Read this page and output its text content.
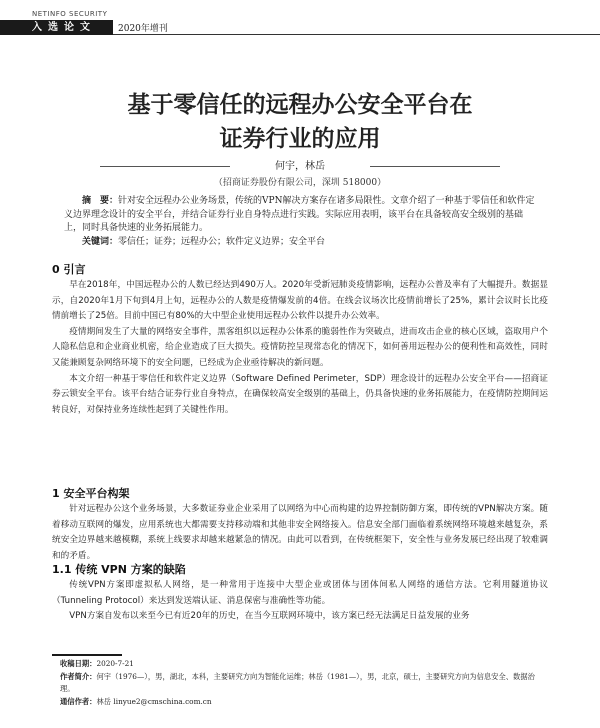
NETINFO SECURITY
入选论文	2020年增刊
基于零信任的远程办公安全平台在
证券行业的应用
何宇，林岳
（招商证券股份有限公司，深圳 518000）
摘　要：针对安全远程办公业务场景，传统的VPN解决方案存在诸多局限性。文章介绍了一种基于零信任和软件定义边界理念设计的安全平台，并结合证券行业自身特点进行实践。实际应用表明，该平台在具备较高安全级别的基础上，同时具备快速的业务拓展能力。
关键词：零信任；证券；远程办公；软件定义边界；安全平台

0 引言

早在2018年，中国远程办公的人数已经达到490万人。2020年受新冠肺炎疫情影响，远程办公普及率有了大幅提升。数据显示，自2020年1月下旬到4月上旬，远程办公的人数是疫情爆发前的4倍。在线会议场次比疫情前增长了25%，累计会议时长比疫情前增长了25倍。目前中国已有80%的大中型企业使用远程办公软件以提升办公效率。

疫情期间发生了大量的网络安全事件，黑客组织以远程办公体系的脆弱性作为突破点，进而攻击企业的核心区域，盗取用户个人隐私信息和企业商业机密，给企业造成了巨大损失。疫情防控呈现常态化的情况下，如何善用远程办公的便利性和高效性，同时又能兼顾复杂网络环境下的安全问题，已经成为企业亟待解决的新问题。

本文介绍一种基于零信任和软件定义边界（Software Defined Perimeter，SDP）理念设计的远程办公安全平台——招商证券云锁安全平台。该平台结合证券行业自身特点，在确保较高安全级别的基础上，仍具备快速的业务拓展能力，在疫情防控期间运转良好，对保持业务连续性起到了关键性作用。

1 安全平台构架

针对远程办公这个业务场景，大多数证券业企业采用了以网络为中心而构建的边界控制防御方案，即传统的VPN解决方案。随着移动互联网的爆发，应用系统也大都需要支持移动端和其他非安全网络接入。信息安全部门面临着系统网络环境越来越复杂，系统安全边界越来越模糊，系统上线要求却越来越紧急的情况。由此可以看到，在传统框架下，安全性与业务发展已经出现了较难调和的矛盾。

1.1 传统 VPN 方案的缺陷

传统VPN方案即虚拟私人网络，是一种常用于连接中大型企业或团体与团体间私人网络的通信方法。它利用隧道协议（Tunneling Protocol）来达到发送端认证、消息保密与准确性等功能。

VPN方案自发布以来至今已有近20年的历史，在当今互联网环境中，该方案已经无法满足日益发展的业务

收稿日期：2020-7-21
作者简介：何宇（1976—），男，湖北，本科，主要研究方向为智能化运维；林岳（1981—），男，北京，硕士，主要研究方向为信息安全、数据治理。
通信作者：林岳 linyue2@cmschina.com.cn
